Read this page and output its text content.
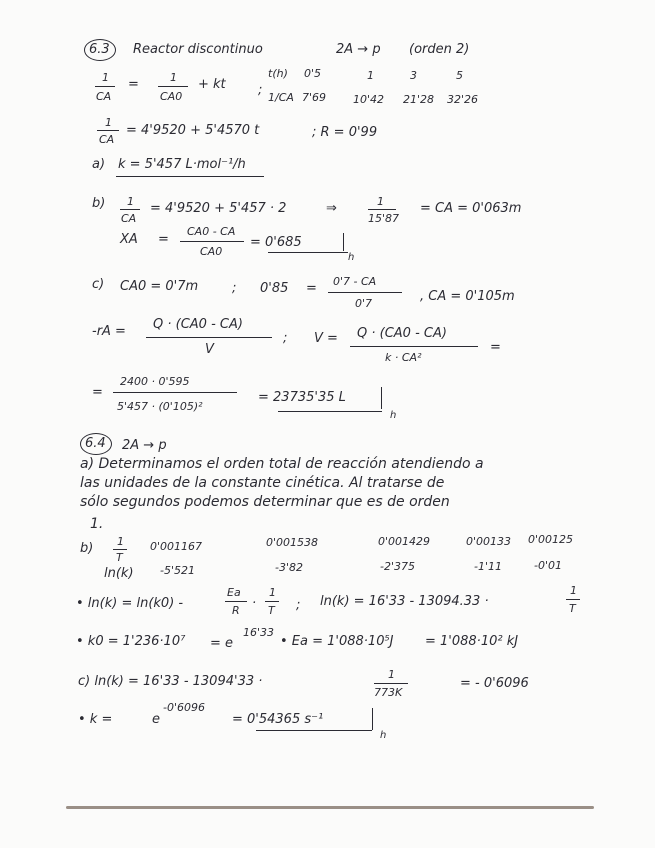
6.3 Reactor discontinuo	2A → p (orden 2)
1
CA
=	1
CA0
+ kt ;
t(h) 0'5	1	3	5
1/CA 7'69 10'42 21'28 32'26
1
CA
= 4'9520 + 5'4570 t	; R = 0'99
a) k = 5'457 L·mol⁻¹/h
b) 1
CA
= 4'9520 + 5'457 · 2	⇒	1
15'87
= CA = 0'063m
XA =
CA0 - CA
CA0
= 0'685
h
c) CA0 = 0'7m	; 0'85 = 0'7 - CA
0'7	, CA = 0'105m
-rA = Q · (CA0 - CA)
V
; V = Q · (CA0 - CA)
k · CA²
=
=
2400 · 0'595
5'457 · (0'105)²
= 23735'35 L
h
6.4 2A → p
a) Determinamos el orden total de reacción atendiendo a
las unidades de la constante cinética. Al tratarse de
sólo segundos podemos determinar que es de orden
1.
b) 1
T
0'001167	0'001538	0'001429	0'00133 0'00125
ln(k) -5'521	-3'82	-2'375	-1'11	-0'01
• ln(k) = ln(k0) -
Ea
R ·
1
T ; ln(k) = 16'33 - 13094.33 ·
1
T
• k0 = 1'236·10⁷ = e
16'33
• Ea = 1'088·10⁵J = 1'088·10² kJ
c) ln(k) = 16'33 - 13094'33 ·	1
773K
= - 0'6096
• k =	e
-0'6096
= 0'54365 s⁻¹
h
